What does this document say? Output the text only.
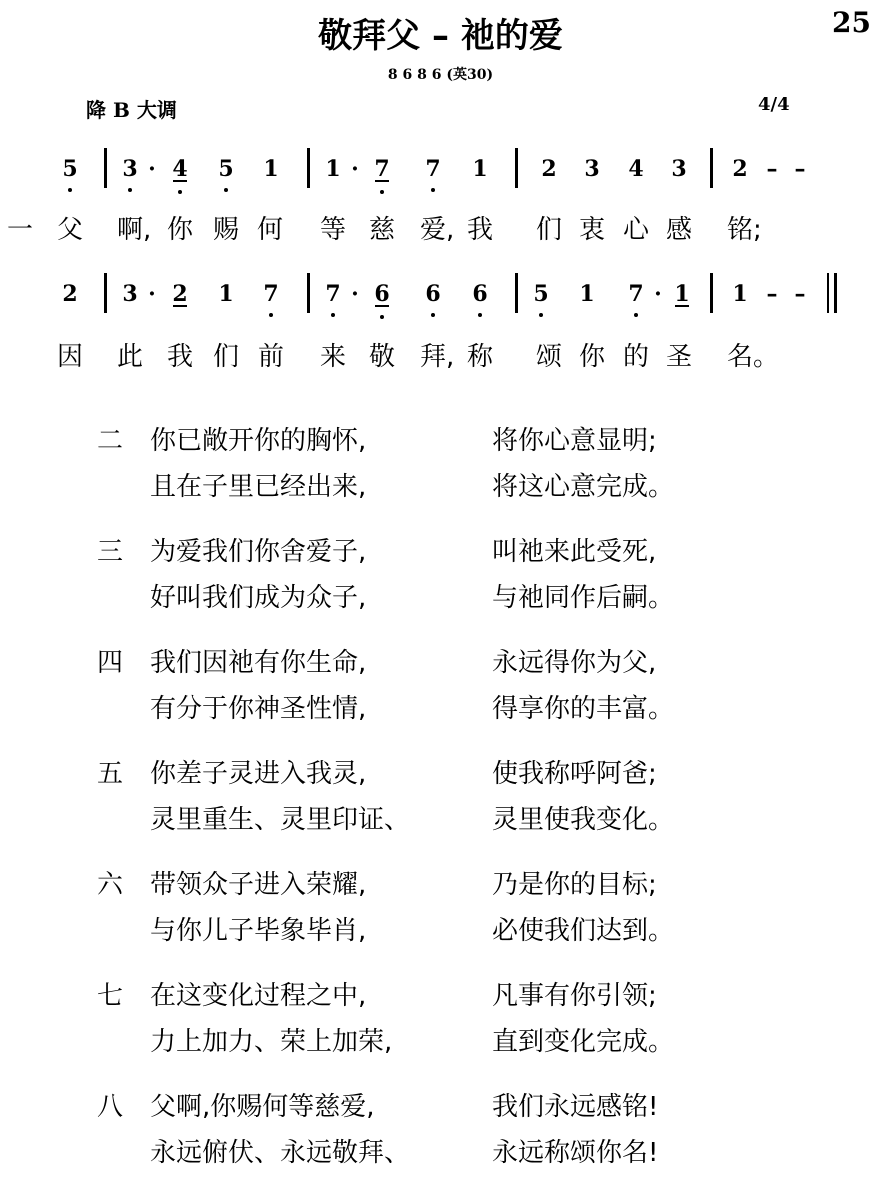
敬拜父 – 祂的爱	25
8 6 8 6 (英30)
降 B 大调	4/4
5 3 · 4 5 1 1 · 7 7 1 2 3 4 3 2 – –
一 父 啊, 你 赐 何 等 慈 爱, 我 们 衷 心 感 铭;
2 3 · 2 1 7 7 · 6 6 6 5 1 7 · 1 1 – –
因 此 我 们 前 来 敬 拜, 称 颂 你 的 圣 名。
二 你已敞开你的胸怀,	将你心意显明;
且在子里已经出来,	将这心意完成。
三 为爱我们你舍爱子,	叫祂来此受死,
好叫我们成为众子,	与祂同作后嗣。
四 我们因祂有你生命,	永远得你为父,
有分于你神圣性情,	得享你的丰富。
五 你差子灵进入我灵,	使我称呼阿爸;
灵里重生、灵里印证、	灵里使我变化。
六 带领众子进入荣耀,	乃是你的目标;
与你儿子毕象毕肖,	必使我们达到。
七 在这变化过程之中,	凡事有你引领;
力上加力、荣上加荣,	直到变化完成。
八 父啊,你赐何等慈爱,	我们永远感铭!
永远俯伏、永远敬拜、	永远称颂你名!
